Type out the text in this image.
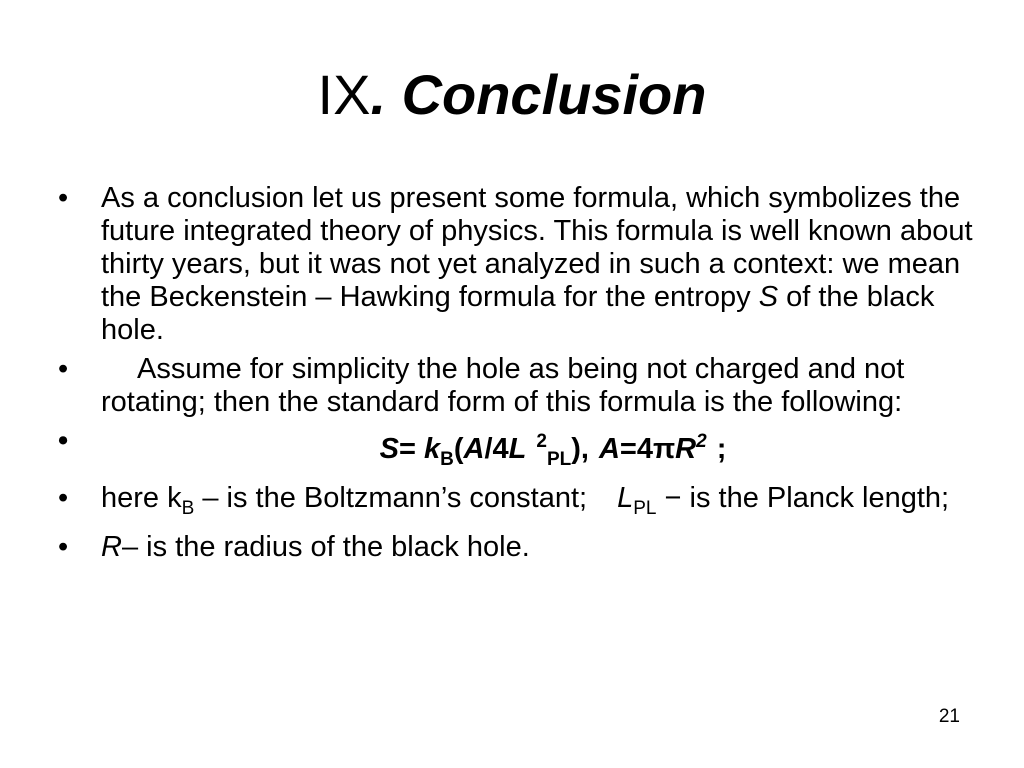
IX. Conclusion
• As a conclusion let us present some formula, which symbolizes the future integrated theory of physics. This formula is well known about thirty years, but it was not yet analyzed in such a context: we mean the Beckenstein – Hawking formula for the entropy S of the black hole.
• Assume for simplicity the hole as being not charged and not rotating; then the standard form of this formula is the following:
•	$S= k_B(A/4L$ $^2_{PL}$), $A=4\pi R^2$ ;
• here $k_B$ – is the Boltzmann’s constant; $L_{PL}$ − is the Planck length;
• R– is the radius of the black hole.
21
